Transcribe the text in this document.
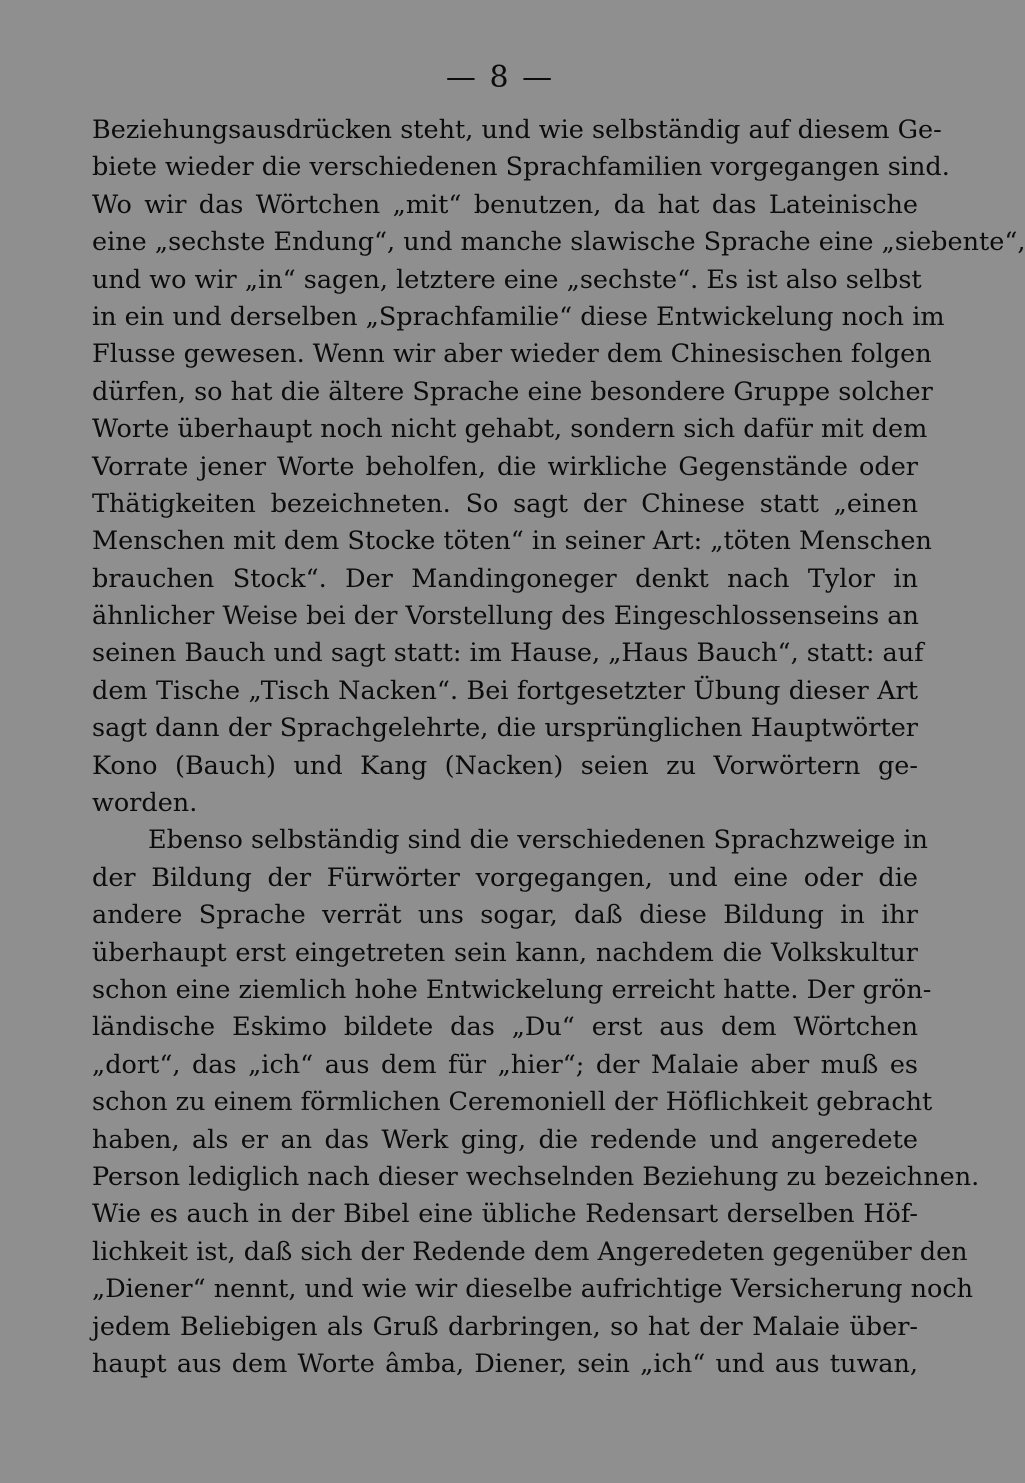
— 8 —
Beziehungsausdrücken steht, und wie selbständig auf diesem Ge-
biete wieder die verschiedenen Sprachfamilien vorgegangen sind.
Wo wir das Wörtchen „mit“ benutzen, da hat das Lateinische
eine „sechste Endung“, und manche slawische Sprache eine „siebente“,
und wo wir „in“ sagen, letztere eine „sechste“. Es ist also selbst
in ein und derselben „Sprachfamilie“ diese Entwickelung noch im
Flusse gewesen. Wenn wir aber wieder dem Chinesischen folgen
dürfen, so hat die ältere Sprache eine besondere Gruppe solcher
Worte überhaupt noch nicht gehabt, sondern sich dafür mit dem
Vorrate jener Worte beholfen, die wirkliche Gegenstände oder
Thätigkeiten bezeichneten. So sagt der Chinese statt „einen
Menschen mit dem Stocke töten“ in seiner Art: „töten Menschen
brauchen Stock“. Der Mandingoneger denkt nach Tylor in
ähnlicher Weise bei der Vorstellung des Eingeschlossenseins an
seinen Bauch und sagt statt: im Hause, „Haus Bauch“, statt: auf
dem Tische „Tisch Nacken“. Bei fortgesetzter Übung dieser Art
sagt dann der Sprachgelehrte, die ursprünglichen Hauptwörter
Kono (Bauch) und Kang (Nacken) seien zu Vorwörtern ge-
worden.
Ebenso selbständig sind die verschiedenen Sprachzweige in
der Bildung der Fürwörter vorgegangen, und eine oder die
andere Sprache verrät uns sogar, daß diese Bildung in ihr
überhaupt erst eingetreten sein kann, nachdem die Volkskultur
schon eine ziemlich hohe Entwickelung erreicht hatte. Der grön-
ländische Eskimo bildete das „Du“ erst aus dem Wörtchen
„dort“, das „ich“ aus dem für „hier“; der Malaie aber muß es
schon zu einem förmlichen Ceremoniell der Höflichkeit gebracht
haben, als er an das Werk ging, die redende und angeredete
Person lediglich nach dieser wechselnden Beziehung zu bezeichnen.
Wie es auch in der Bibel eine übliche Redensart derselben Höf-
lichkeit ist, daß sich der Redende dem Angeredeten gegenüber den
„Diener“ nennt, und wie wir dieselbe aufrichtige Versicherung noch
jedem Beliebigen als Gruß darbringen, so hat der Malaie über-
haupt aus dem Worte âmba, Diener, sein „ich“ und aus tuwan,
